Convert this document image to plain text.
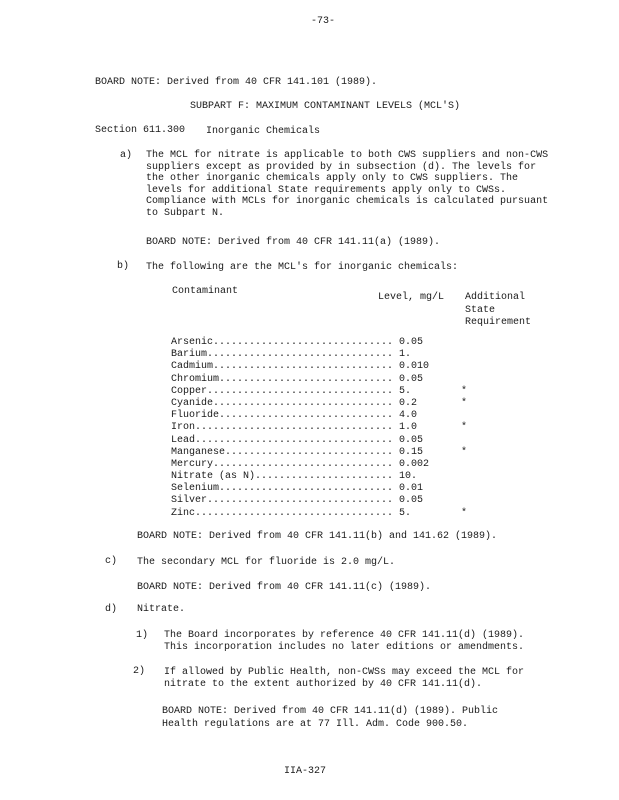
-73-
BOARD NOTE: Derived from 40 CFR 141.101 (1989).
SUBPART F: MAXIMUM CONTAMINANT LEVELS (MCL'S)
Section 611.300 Inorganic Chemicals
a) The MCL for nitrate is applicable to both CWS suppliers and non-CWS
suppliers except as provided by in subsection (d). The levels for
the other inorganic chemicals apply only to CWS suppliers. The
levels for additional State requirements apply only to CWSs.
Compliance with MCLs for inorganic chemicals is calculated pursuant
to Subpart N.
BOARD NOTE: Derived from 40 CFR 141.11(a) (1989).
b) The following are the MCL's for inorganic chemicals:
Contaminant
Level, mg/L Additional
State
Requirement
Arsenic.............................. 0.05
Barium............................... 1.
Cadmium.............................. 0.010
Chromium............................. 0.05
Copper............................... 5.	*
Cyanide.............................. 0.2	*
Fluoride............................. 4.0
Iron................................. 1.0	*
Lead................................. 0.05
Manganese............................ 0.15	*
Mercury.............................. 0.002
Nitrate (as N)....................... 10.
Selenium............................. 0.01
Silver............................... 0.05
Zinc................................. 5.	*
BOARD NOTE: Derived from 40 CFR 141.11(b) and 141.62 (1989).
c) The secondary MCL for fluoride is 2.0 mg/L.
BOARD NOTE: Derived from 40 CFR 141.11(c) (1989).
d) Nitrate.
1) The Board incorporates by reference 40 CFR 141.11(d) (1989).
This incorporation includes no later editions or amendments.
2) If allowed by Public Health, non-CWSs may exceed the MCL for
nitrate to the extent authorized by 40 CFR 141.11(d).
BOARD NOTE: Derived from 40 CFR 141.11(d) (1989). Public
Health regulations are at 77 Ill. Adm. Code 900.50.
IIA-327
